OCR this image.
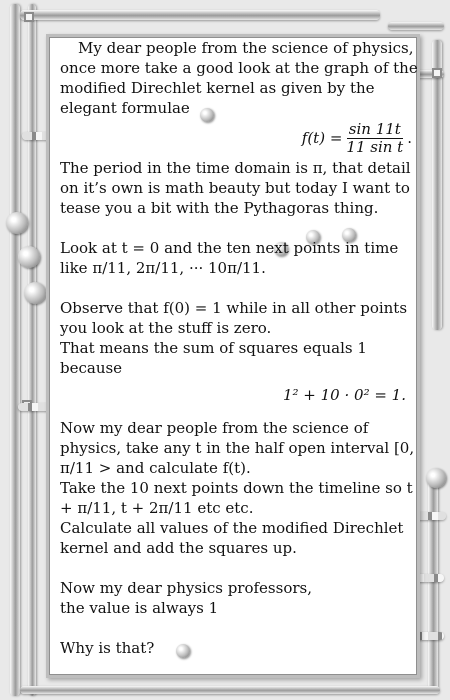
My dear people from the science of physics, once more take a good look at the graph of the modified Direchlet kernel as given by the elegant formulae

$f(t) = \frac{\sin 11t}{\text{11 sin t}}$ .

The period in the time domain is π, that detail on it’s own is math beauty but today I want to tease you a bit with the Pythagoras thing.

Look at t = 0 and the ten next points in time like π/11, 2π/11, ··· 10π/11.

Observe that f(0) = 1 while in all other points you look at the stuff is zero.

That means the sum of squares equals 1 because

1² + 10 · 0² = 1.

Now my dear people from the science of physics, take any t in the half open interval [0, π/11 > and calculate f(t).

Take the 10 next points down the timeline so t + π/11, t + 2π/11 etc etc.

Calculate all values of the modified Direchlet kernel and add the squares up.

Now my dear physics professors,

the value is always 1

Why is that?
